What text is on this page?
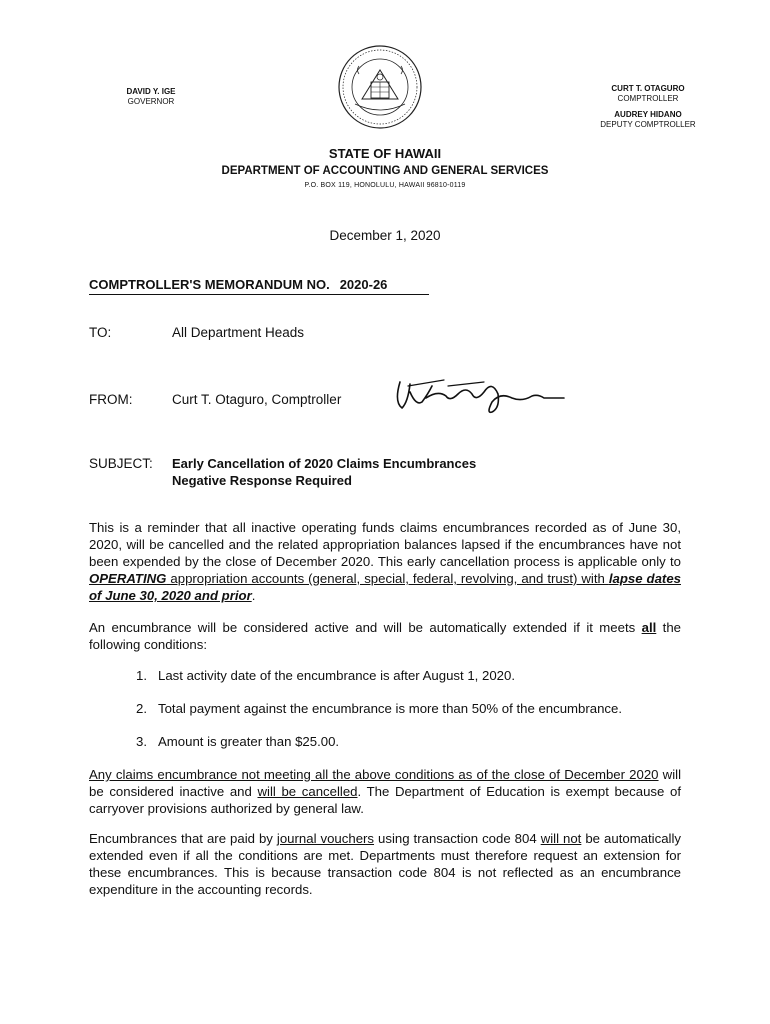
DAVID Y. IGE
GOVERNOR
CURT T. OTAGURO
COMPTROLLER
AUDREY HIDANO
DEPUTY COMPTROLLER
STATE OF HAWAII
DEPARTMENT OF ACCOUNTING AND GENERAL SERVICES
P.O. BOX 119, HONOLULU, HAWAII 96810-0119
December 1, 2020
COMPTROLLER'S MEMORANDUM NO. 2020-26
TO:	All Department Heads
FROM:	Curt T. Otaguro, Comptroller
SUBJECT: Early Cancellation of 2020 Claims Encumbrances
Negative Response Required
This is a reminder that all inactive operating funds claims encumbrances recorded as of June 30, 2020, will be cancelled and the related appropriation balances lapsed if the encumbrances have not been expended by the close of December 2020. This early cancellation process is applicable only to OPERATING appropriation accounts (general, special, federal, revolving, and trust) with lapse dates of June 30, 2020 and prior.
An encumbrance will be considered active and will be automatically extended if it meets all the following conditions:
1. Last activity date of the encumbrance is after August 1, 2020.
2. Total payment against the encumbrance is more than 50% of the encumbrance.
3. Amount is greater than $25.00.
Any claims encumbrance not meeting all the above conditions as of the close of December 2020 will be considered inactive and will be cancelled. The Department of Education is exempt because of carryover provisions authorized by general law.
Encumbrances that are paid by journal vouchers using transaction code 804 will not be automatically extended even if all the conditions are met. Departments must therefore request an extension for these encumbrances. This is because transaction code 804 is not reflected as an encumbrance expenditure in the accounting records.
